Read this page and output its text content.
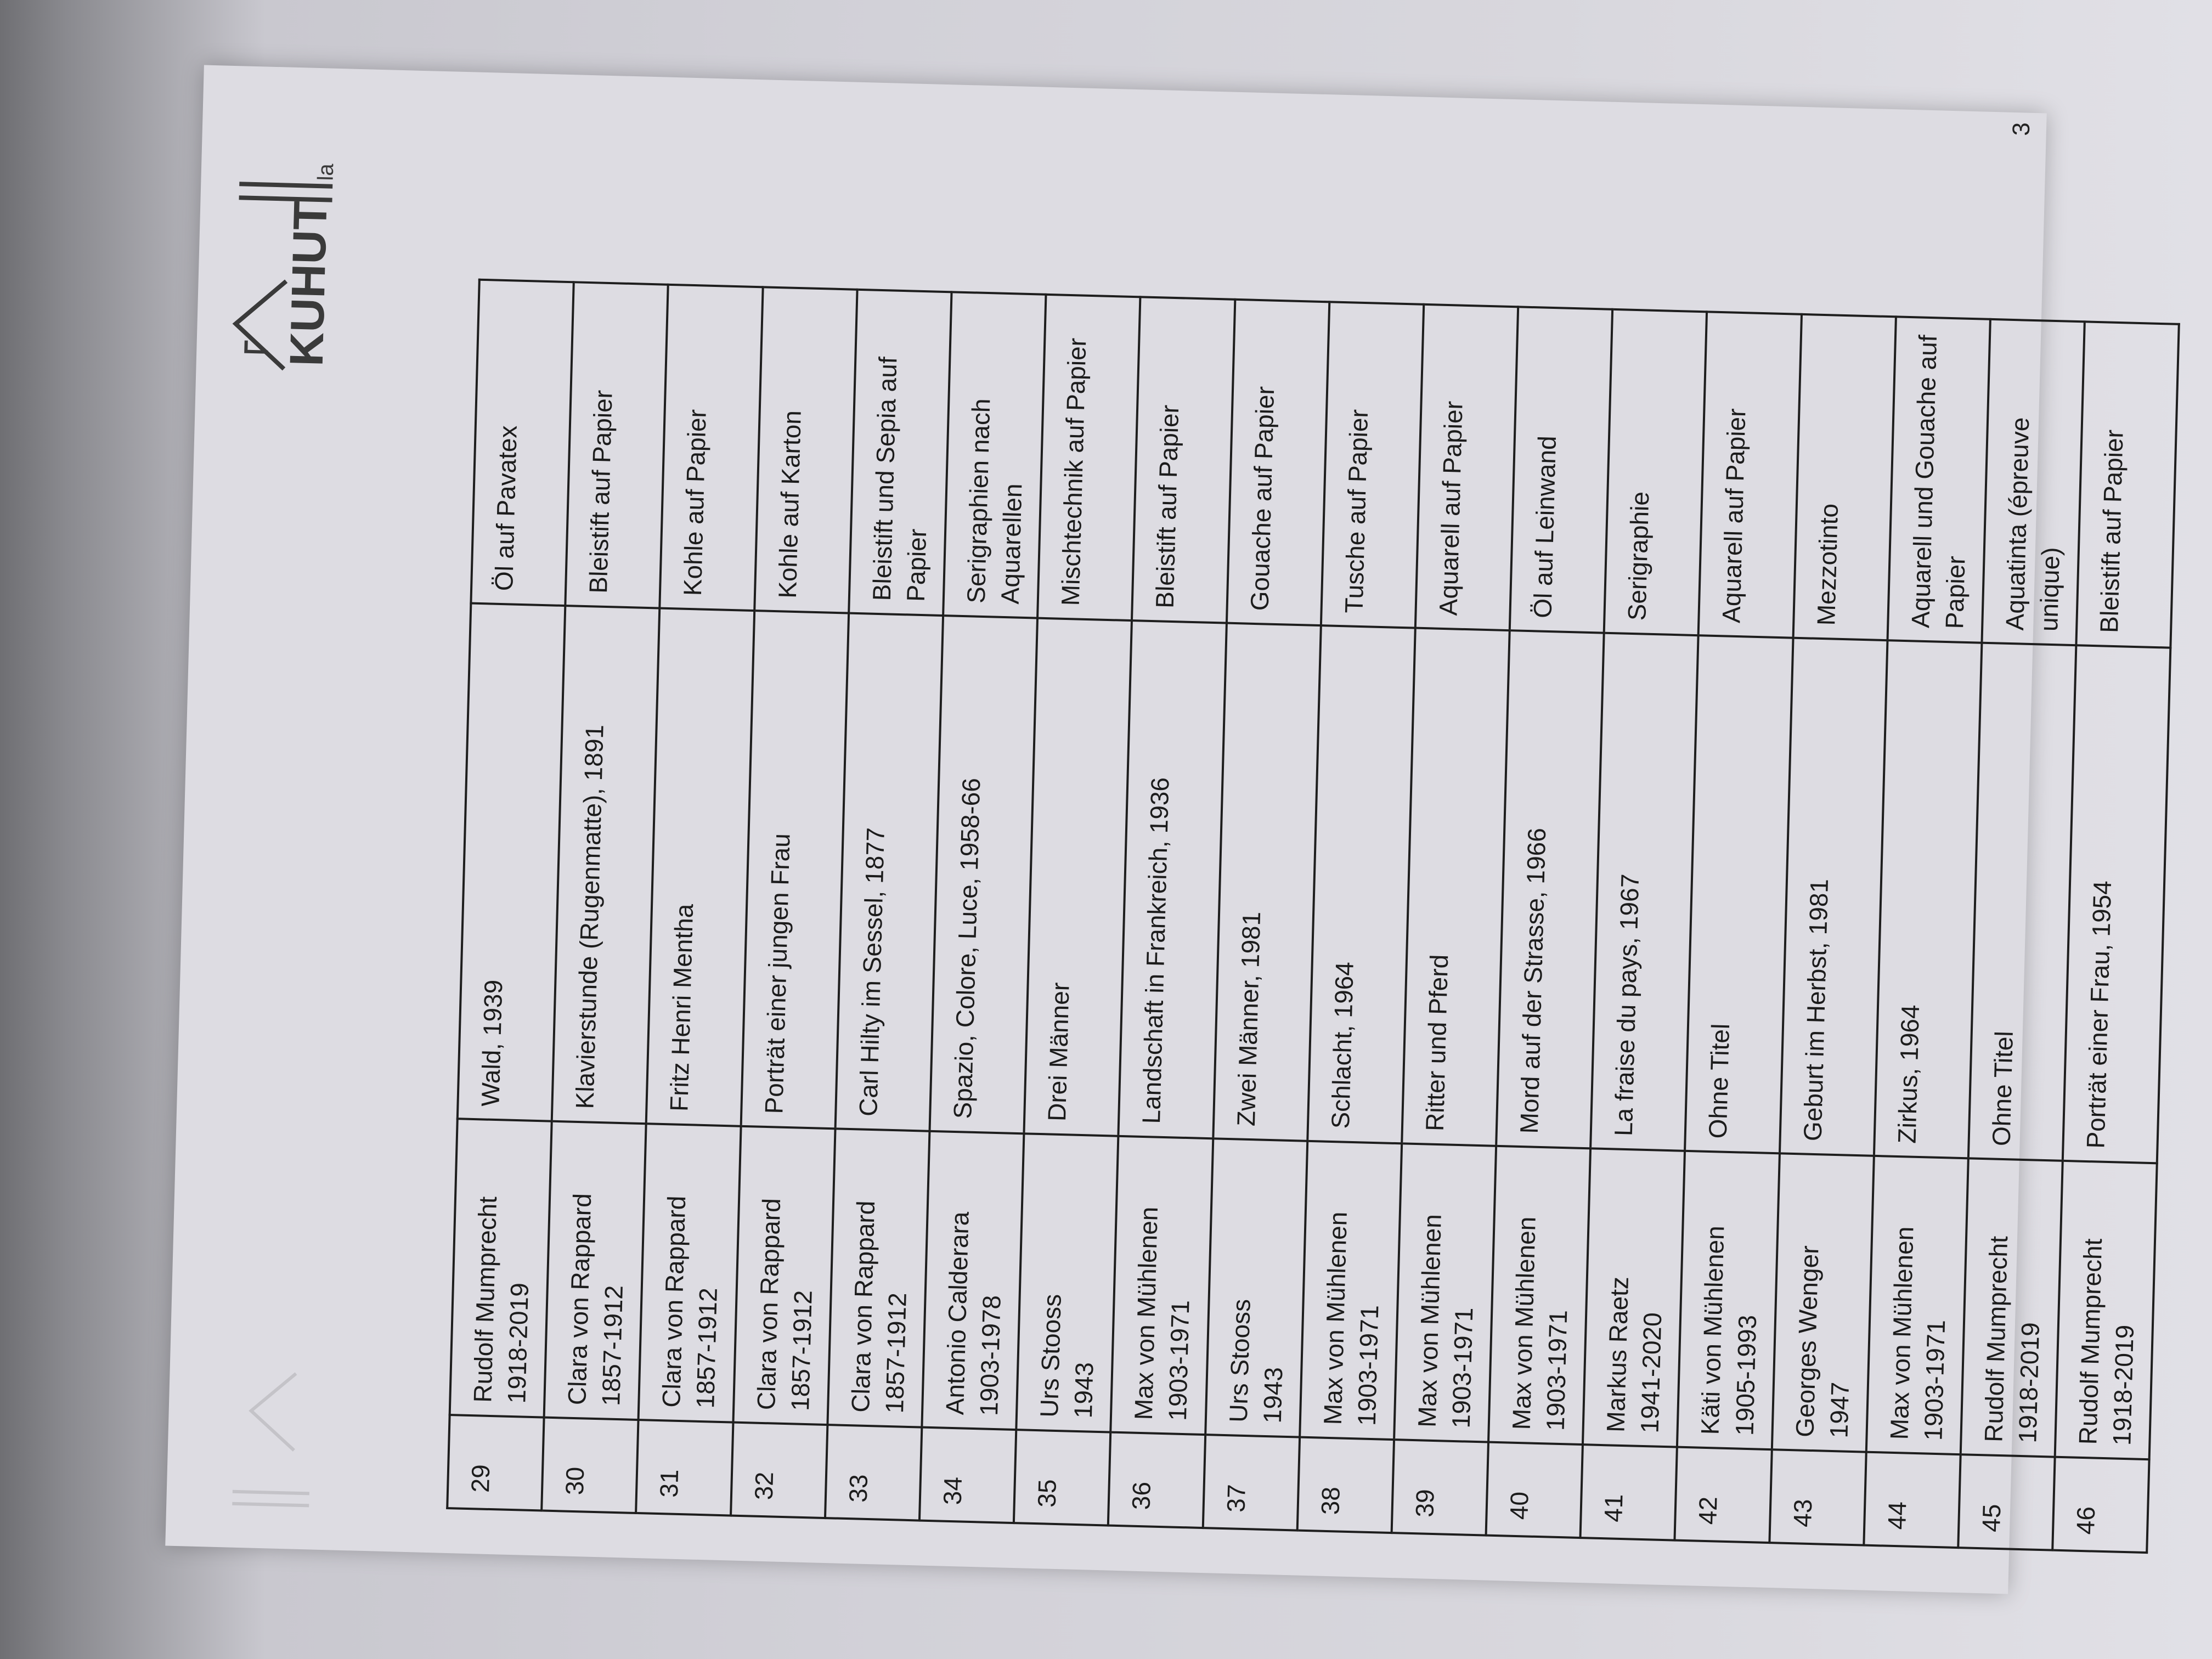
KUHUT
la
29	Rudolf Mumprecht 1918-2019	Wald, 1939	Öl auf Pavatex
30	Clara von Rappard 1857-1912	Klavierstunde (Rugenmatte), 1891	Bleistift auf Papier
31	Clara von Rappard 1857-1912	Fritz Henri Mentha	Kohle auf Papier
32	Clara von Rappard 1857-1912	Porträt einer jungen Frau	Kohle auf Karton
33	Clara von Rappard 1857-1912	Carl Hilty im Sessel, 1877	Bleistift und Sepia auf Papier
34	Antonio Calderara 1903-1978	Spazio, Colore, Luce, 1958-66	Serigraphien nach Aquarellen
35	Urs Stooss 1943	Drei Männer	Mischtechnik auf Papier
36	Max von Mühlenen 1903-1971	Landschaft in Frankreich, 1936	Bleistift auf Papier
37	Urs Stooss 1943	Zwei Männer, 1981	Gouache auf Papier
38	Max von Mühlenen 1903-1971	Schlacht, 1964	Tusche auf Papier
39	Max von Mühlenen 1903-1971	Ritter und Pferd	Aquarell auf Papier
40	Max von Mühlenen 1903-1971	Mord auf der Strasse, 1966	Öl auf Leinwand
41	Markus Raetz 1941-2020	La fraise du pays, 1967	Serigraphie
42	Käti von Mühlenen 1905-1993	Ohne Titel	Aquarell auf Papier
43	Georges Wenger 1947	Geburt im Herbst, 1981	Mezzotinto
44	Max von Mühlenen 1903-1971	Zirkus, 1964	Aquarell und Gouache auf Papier
45	Rudolf Mumprecht 1918-2019	Ohne Titel	Aquatinta (épreuve unique)
46	Rudolf Mumprecht 1918-2019	Porträt einer Frau, 1954	Bleistift auf Papier
3
